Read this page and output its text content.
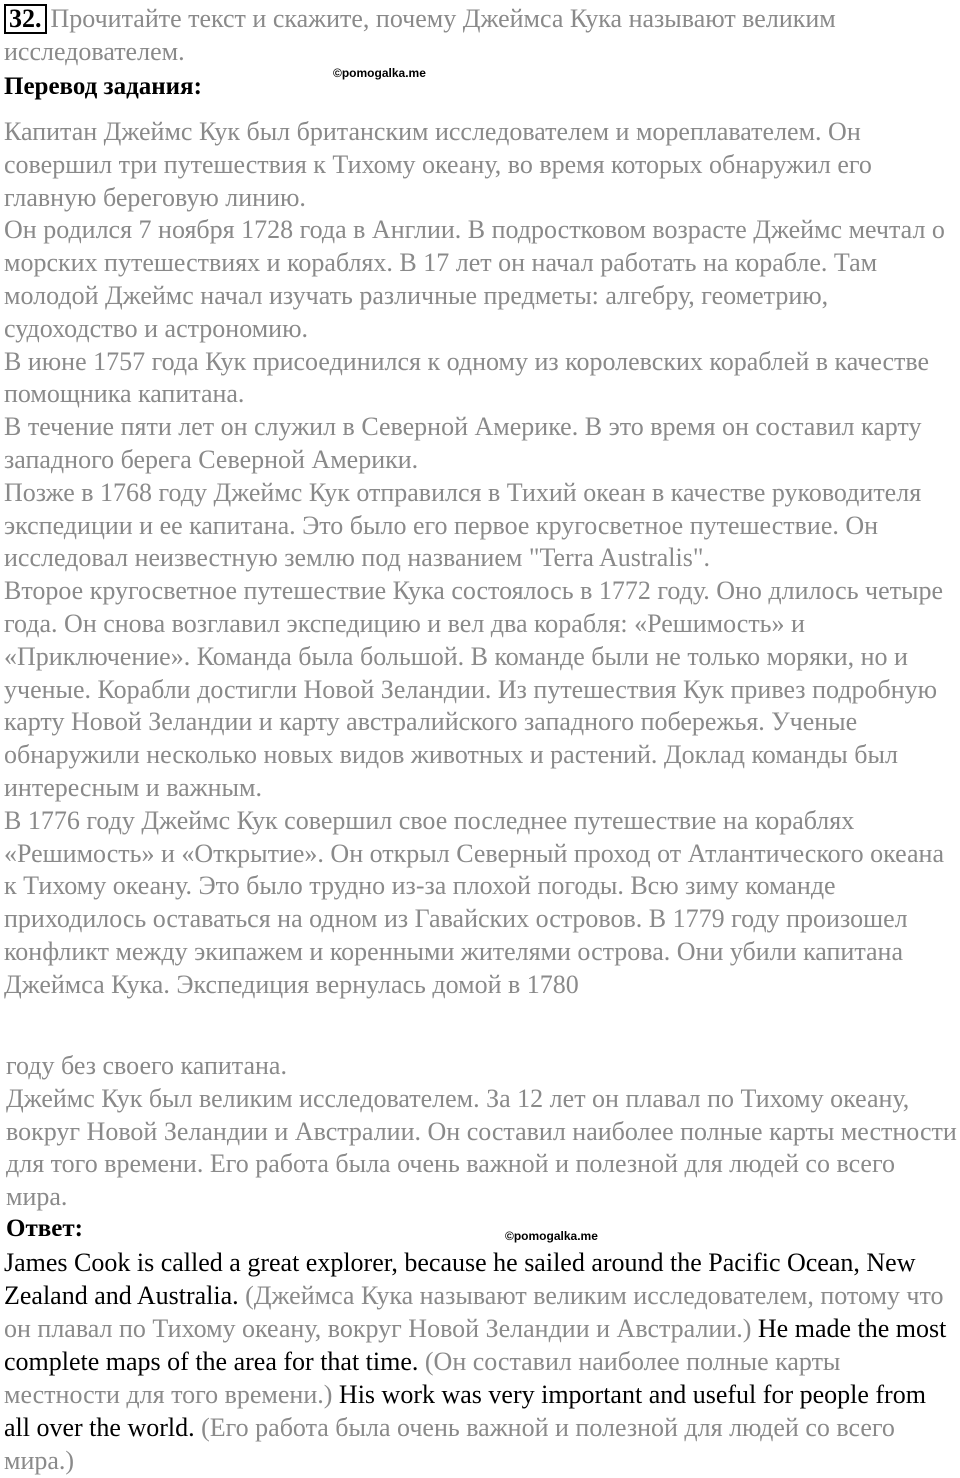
32. Прочитайте текст и скажите, почему Джеймса Кука называют великим исследователем.
©pomogalka.me
Перевод задания:

Капитан Джеймс Кук был британским исследователем и мореплавателем. Он совершил три путешествия к Тихому океану, во время которых обнаружил его главную береговую линию.

Он родился 7 ноября 1728 года в Англии. В подростковом возрасте Джеймс мечтал о морских путешествиях и кораблях. В 17 лет он начал работать на корабле. Там молодой Джеймс начал изучать различные предметы: алгебру, геометрию, судоходство и астрономию.

В июне 1757 года Кук присоединился к одному из королевских кораблей в качестве помощника капитана.

В течение пяти лет он служил в Северной Америке. В это время он составил карту западного берега Северной Америки.

Позже в 1768 году Джеймс Кук отправился в Тихий океан в качестве руководителя экспедиции и ее капитана. Это было его первое кругосветное путешествие. Он исследовал неизвестную землю под названием "Terra Australis".

Второе кругосветное путешествие Кука состоялось в 1772 году. Оно длилось четыре года. Он снова возглавил экспедицию и вел два корабля: «Решимость» и «Приключение». Команда была большой. В команде были не только моряки, но и ученые. Корабли достигли Новой Зеландии. Из путешествия Кук привез подробную карту Новой Зеландии и карту австралийского западного побережья. Ученые обнаружили несколько новых видов животных и растений. Доклад команды был интересным и важным.

В 1776 году Джеймс Кук совершил свое последнее путешествие на кораблях «Решимость» и «Открытие». Он открыл Северный проход от Атлантического океана к Тихому океану. Это было трудно из-за плохой погоды. Всю зиму команде приходилось оставаться на одном из Гавайских островов. В 1779 году произошел конфликт между экипажем и коренными жителями острова. Они убили капитана Джеймса Кука. Экспедиция вернулась домой в 1780

году без своего капитана.

Джеймс Кук был великим исследователем. За 12 лет он плавал по Тихому океану, вокруг Новой Зеландии и Австралии. Он составил наиболее полные карты местности для того времени. Его работа была очень важной и полезной для людей со всего мира.

Ответ:	©pomogalka.me
James Cook is called a great explorer, because he sailed around the Pacific Ocean, New Zealand and Australia. (Джеймса Кука называют великим исследователем, потому что он плавал по Тихому океану, вокруг Новой Зеландии и Австралии.) He made the most complete maps of the area for that time. (Он составил наиболее полные карты местности для того времени.) His work was very important and useful for people from all over the world. (Его работа была очень важной и полезной для людей со всего мира.)
